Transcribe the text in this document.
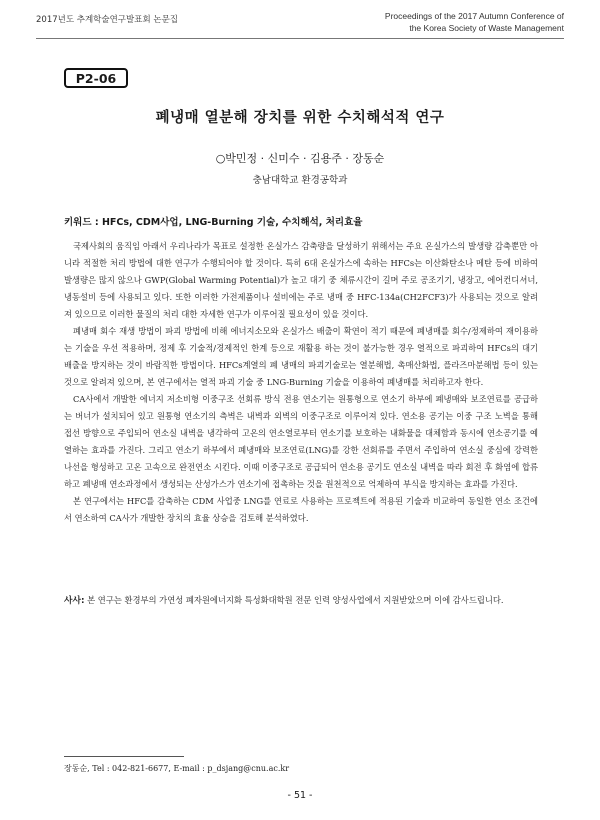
2017년도 추계학술연구발표회 논문집	Proceedings of the 2017 Autumn Conference of
the Korea Society of Waste Management
P2-06
폐냉매 열분해 장치를 위한 수치해석적 연구
○박민정 · 신미수 · 김용주 · 장동순
충남대학교 환경공학과
키워드 : HFCs, CDM사업, LNG-Burning 기술, 수치해석, 처리효율

국제사회의 움직임 아래서 우리나라가 목표로 설정한 온실가스 감축량을 달성하기 위해서는 주요 온실가스의 발생량 감축뿐만 아니라 적절한 처리 방법에 대한 연구가 수행되어야 할 것이다. 특히 6대 온실가스에 속하는 HFCs는 이산화탄소나 메탄 등에 비하여 발생량은 많지 않으나 GWP(Global Warming Potential)가 높고 대기 중 체류시간이 길며 주로 공조기기, 냉장고, 에어컨디셔너, 냉동설비 등에 사용되고 있다. 또한 이러한 가전제품이나 설비에는 주로 냉매 중 HFC-134a(CH2FCF3)가 사용되는 것으로 알려져 있으므로 이러한 물질의 처리 대한 자세한 연구가 이루어질 필요성이 있을 것이다.

폐냉매 회수 재생 방법이 파괴 방법에 비해 에너지소모와 온실가스 배출이 확연이 적기 때문에 폐냉매를 회수/정제하여 재이용하는 기술을 우선 적용하며, 정제 후 기술적/경제적인 한계 등으로 재활용 하는 것이 불가능한 경우 열적으로 파괴하여 HFCs의 대기 배출을 방지하는 것이 바람직한 방법이다. HFCs계열의 폐 냉매의 파괴기술로는 열분해법, 촉매산화법, 플라즈마분해법 등이 있는 것으로 알려져 있으며, 본 연구에서는 열적 파괴 기술 중 LNG-Burning 기술을 이용하여 폐냉매를 처리하고자 한다.

CA사에서 개발한 에너지 저소비형 이중구조 선회류 방식 전용 연소기는 원통형으로 연소기 하부에 폐냉매와 보조연료를 공급하는 버너가 설치되어 있고 원통형 연소기의 측벽은 내벽과 외벽의 이중구조로 이루어져 있다. 연소용 공기는 이중 구조 노벽을 통해 접선 방향으로 주입되어 연소실 내벽을 냉각하여 고온의 연소열로부터 연소기를 보호하는 내화물을 대체함과 동시에 연소공기를 예열하는 효과를 가진다. 그리고 연소기 하부에서 폐냉매와 보조연료(LNG)를 강한 선회류를 주면서 주입하여 연소실 중심에 강력한 나선을 형성하고 고온 고속으로 완전연소 시킨다. 이때 이중구조로 공급되어 연소용 공기도 연소실 내벽을 따라 회전 후 화염에 합류하고 폐냉매 연소과정에서 생성되는 산성가스가 연소기에 접촉하는 것을 원천적으로 억제하여 부식을 방지하는 효과를 가진다.

본 연구에서는 HFC를 감축하는 CDM 사업중 LNG를 연료로 사용하는 프로젝트에 적용된 기술과 비교하여 동일한 연소 조건에서 연소하여 CA사가 개발한 장치의 효율 상승을 검토해 분석하였다.

사사: 본 연구는 환경부의 가연성 폐자원에너지화 특성화대학원 전문 인력 양성사업에서 지원받았으며 이에 감사드립니다.
장동순, Tel : 042-821-6677, E-mail : p_dsjang@cnu.ac.kr
- 51 -
